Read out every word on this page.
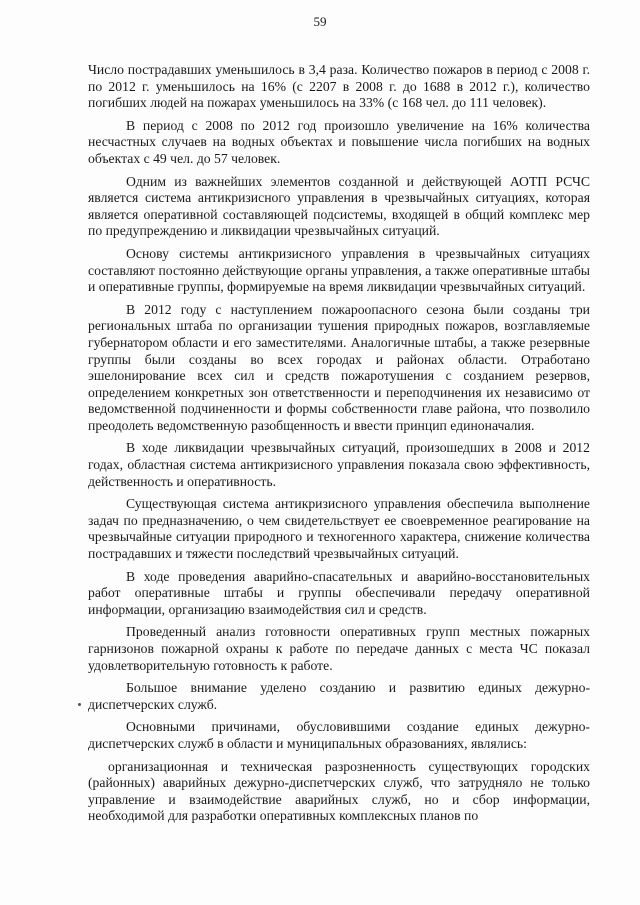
59

Число пострадавших уменьшилось в 3,4 раза. Количество пожаров в период с 2008 г. по 2012 г. уменьшилось на 16% (с 2207 в 2008 г. до 1688 в 2012 г.), количество погибших людей на пожарах уменьшилось на 33% (с 168 чел. до 111 человек).

В период с 2008 по 2012 год произошло увеличение на 16% количества несчастных случаев на водных объектах и повышение числа погибших на водных объектах с 49 чел. до 57 человек.

Одним из важнейших элементов созданной и действующей АОТП РСЧС является система антикризисного управления в чрезвычайных ситуациях, которая является оперативной составляющей подсистемы, входящей в общий комплекс мер по предупреждению и ликвидации чрезвычайных ситуаций.

Основу системы антикризисного управления в чрезвычайных ситуациях составляют постоянно действующие органы управления, а также оперативные штабы и оперативные группы, формируемые на время ликвидации чрезвычайных ситуаций.

В 2012 году с наступлением пожароопасного сезона были созданы три региональных штаба по организации тушения природных пожаров, возглавляемые губернатором области и его заместителями. Аналогичные штабы, а также резервные группы были созданы во всех городах и районах области. Отработано эшелонирование всех сил и средств пожаротушения с созданием резервов, определением конкретных зон ответственности и переподчинения их независимо от ведомственной подчиненности и формы собственности главе района, что позволило преодолеть ведомственную разобщенность и ввести принцип единоначалия.

В ходе ликвидации чрезвычайных ситуаций, произошедших в 2008 и 2012 годах, областная система антикризисного управления показала свою эффективность, действенность и оперативность.

Существующая система антикризисного управления обеспечила выполнение задач по предназначению, о чем свидетельствует ее своевременное реагирование на чрезвычайные ситуации природного и техногенного характера, снижение количества пострадавших и тяжести последствий чрезвычайных ситуаций.

В ходе проведения аварийно-спасательных и аварийно-восстановительных работ оперативные штабы и группы обеспечивали передачу оперативной информации, организацию взаимодействия сил и средств.

Проведенный анализ готовности оперативных групп местных пожарных гарнизонов пожарной охраны к работе по передаче данных с места ЧС показал удовлетворительную готовность к работе.

Большое внимание уделено созданию и развитию единых дежурно-диспетчерских служб.

Основными причинами, обусловившими создание единых дежурно-диспетчерских служб в области и муниципальных образованиях, являлись:

организационная и техническая разрозненность существующих городских (районных) аварийных дежурно-диспетчерских служб, что затрудняло не только управление и взаимодействие аварийных служб, но и сбор информации, необходимой для разработки оперативных комплексных планов по
